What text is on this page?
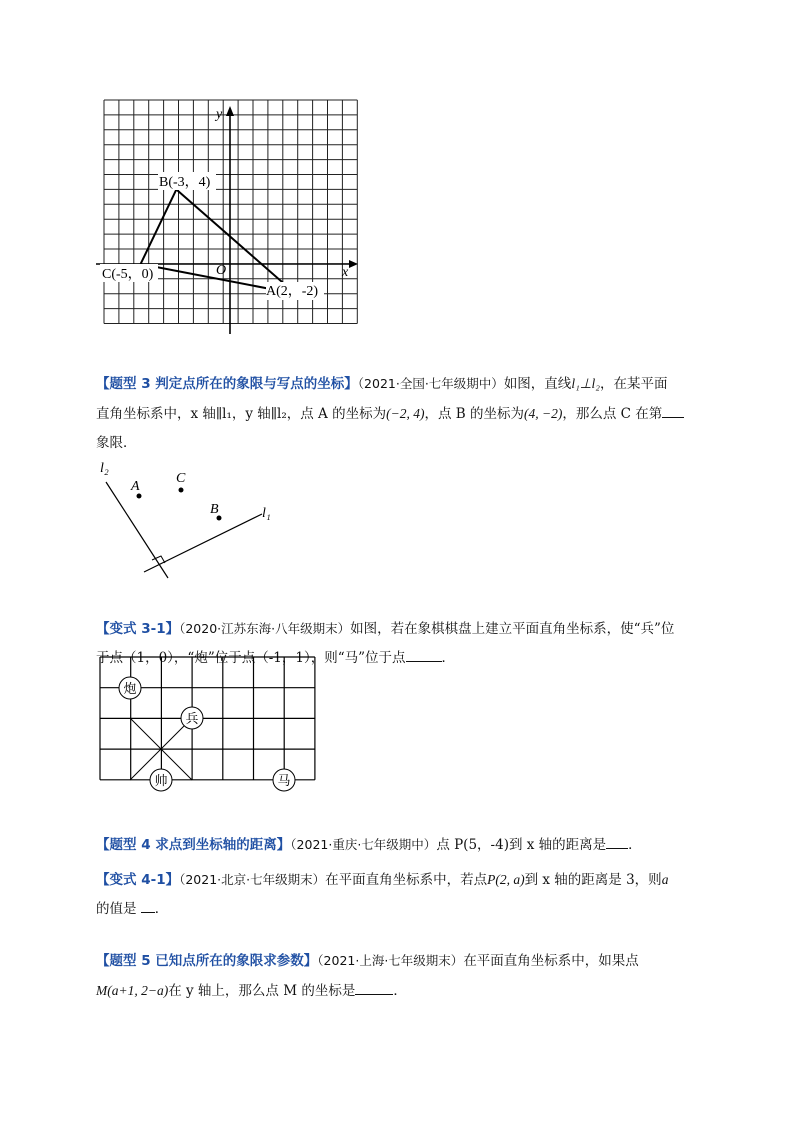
y
x
O
B(-3，4)
C(-5，0)
A(2，-2)
【题型 3 判定点所在的象限与写点的坐标】（2021·全国·七年级期中）如图，直线l₁⊥l₂，在某平面
直角坐标系中，x 轴∥l₁，y 轴∥l₂，点 A 的坐标为(−2, 4)，点 B 的坐标为(4, −2)，那么点 C 在第
象限．
l₂
l₁
A
C
B
【变式 3-1】（2020·江苏东海·八年级期末）如图，若在象棋棋盘上建立平面直角坐标系，使“兵”位
于点（1，0），“炮”位于点（-1，1），则“马”位于点	．
炮
兵
帅	马
【题型 4 求点到坐标轴的距离】（2021·重庆·七年级期中）点 P(5，-4)到 x 轴的距离是 ．
【变式 4-1】（2021·北京·七年级期末）在平面直角坐标系中，若点P(2, a)到 x 轴的距离是 3，则a
的值是 ．
【题型 5 已知点所在的象限求参数】（2021·上海·七年级期末）在平面直角坐标系中，如果点
M(a+1, 2−a)在 y 轴上，那么点 M 的坐标是	．
